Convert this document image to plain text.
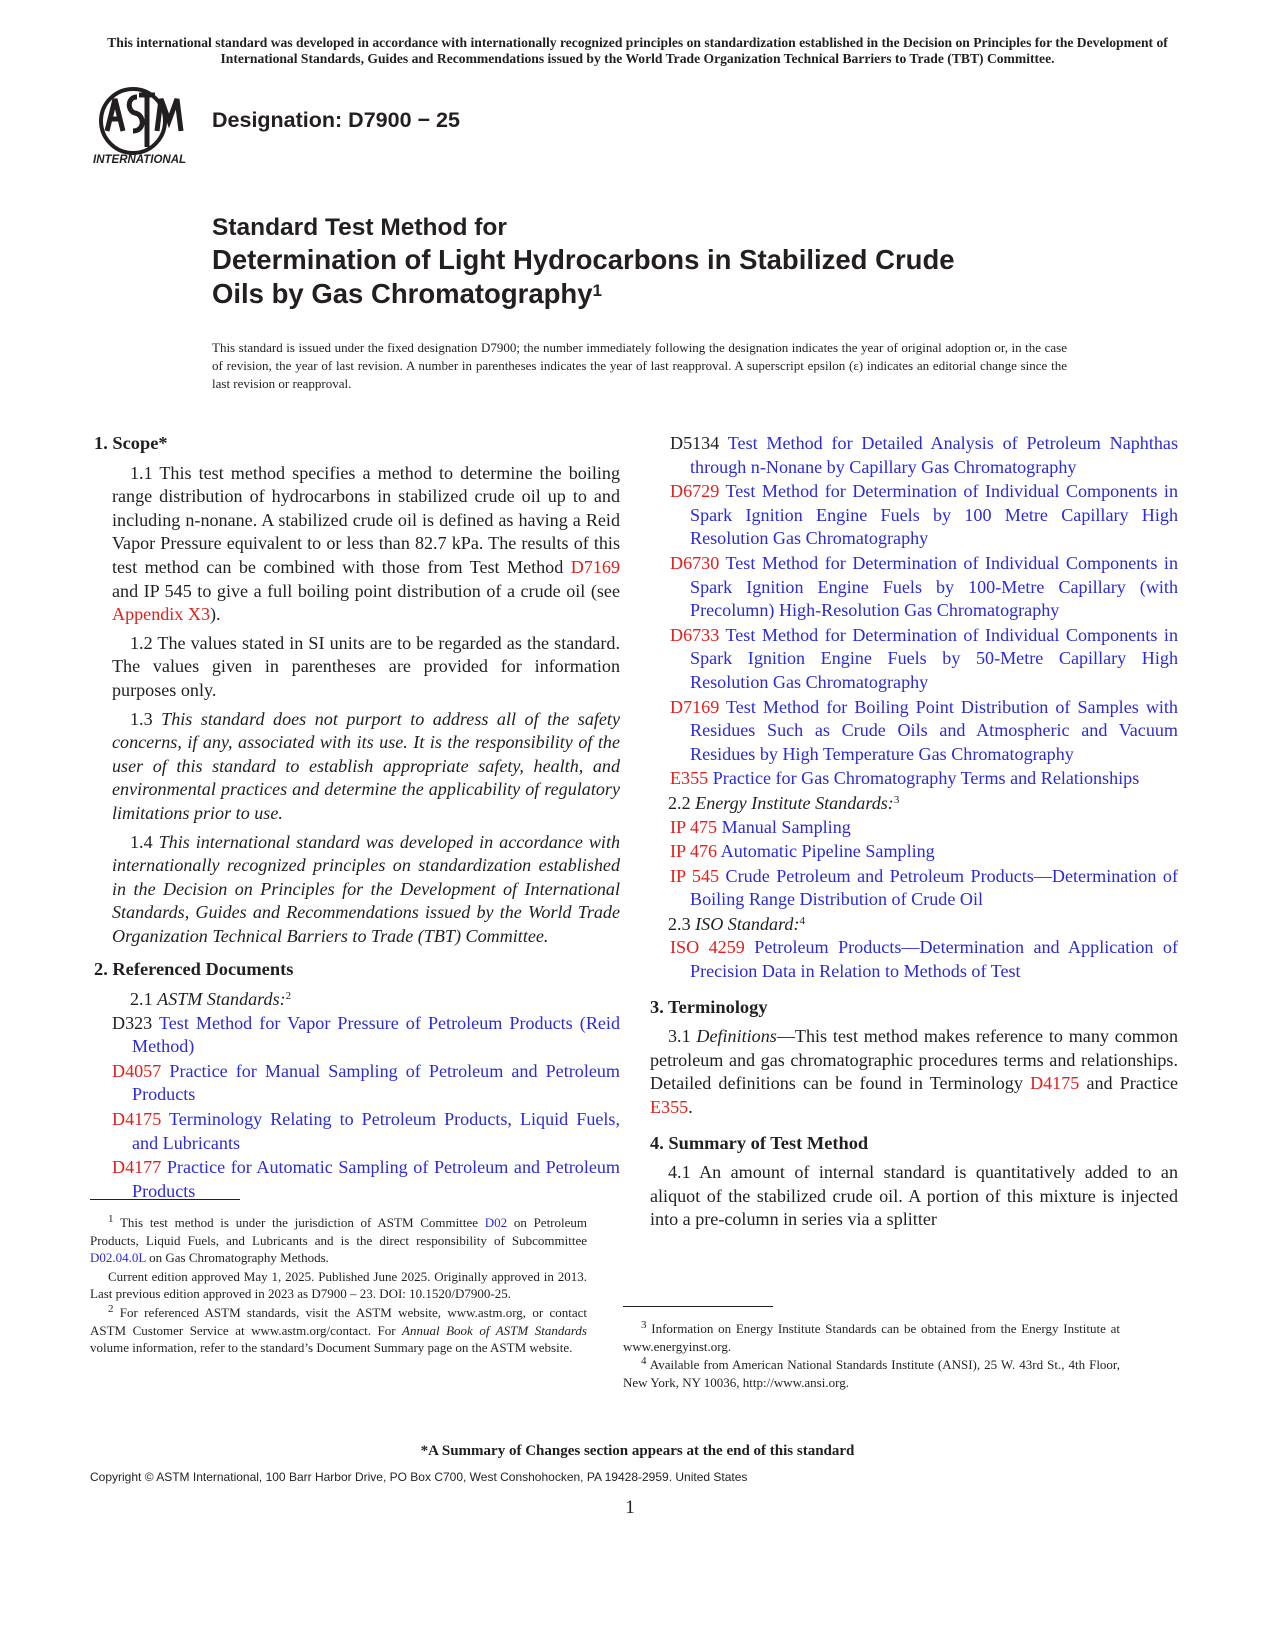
This international standard was developed in accordance with internationally recognized principles on standardization established in the Decision on Principles for the Development of International Standards, Guides and Recommendations issued by the World Trade Organization Technical Barriers to Trade (TBT) Committee.
INTERNATIONAL
Designation: D7900 − 25
Standard Test Method for
Determination of Light Hydrocarbons in Stabilized Crude
Oils by Gas Chromatography$^1$
This standard is issued under the fixed designation D7900; the number immediately following the designation indicates the year of original adoption or, in the case of revision, the year of last revision. A number in parentheses indicates the year of last reapproval. A superscript epsilon (ε) indicates an editorial change since the last revision or reapproval.
1. Scope*

1.1 This test method specifies a method to determine the boiling range distribution of hydrocarbons in stabilized crude oil up to and including n-nonane. A stabilized crude oil is defined as having a Reid Vapor Pressure equivalent to or less than 82.7 kPa. The results of this test method can be combined with those from Test Method D7169 and IP 545 to give a full boiling point distribution of a crude oil (see Appendix X3).

1.2 The values stated in SI units are to be regarded as the standard. The values given in parentheses are provided for information purposes only.

1.3 This standard does not purport to address all of the safety concerns, if any, associated with its use. It is the responsibility of the user of this standard to establish appropriate safety, health, and environmental practices and determine the applicability of regulatory limitations prior to use.

1.4 This international standard was developed in accordance with internationally recognized principles on standardization established in the Decision on Principles for the Development of International Standards, Guides and Recommendations issued by the World Trade Organization Technical Barriers to Trade (TBT) Committee.

2. Referenced Documents

2.1 ASTM Standards:$^2$

D323 Test Method for Vapor Pressure of Petroleum Products (Reid Method)

D4057 Practice for Manual Sampling of Petroleum and Petroleum Products

D4175 Terminology Relating to Petroleum Products, Liquid Fuels, and Lubricants

D4177 Practice for Automatic Sampling of Petroleum and Petroleum Products

$^1$ This test method is under the jurisdiction of ASTM Committee D02 on Petroleum Products, Liquid Fuels, and Lubricants and is the direct responsibility of Subcommittee D02.04.0L on Gas Chromatography Methods.

Current edition approved May 1, 2025. Published June 2025. Originally approved in 2013. Last previous edition approved in 2023 as D7900 – 23. DOI: 10.1520/D7900-25.

$^2$ For referenced ASTM standards, visit the ASTM website, www.astm.org, or contact ASTM Customer Service at www.astm.org/contact. For Annual Book of ASTM Standards volume information, refer to the standard’s Document Summary page on the ASTM website.

D5134 Test Method for Detailed Analysis of Petroleum Naphthas through n-Nonane by Capillary Gas Chromatography

D6729 Test Method for Determination of Individual Components in Spark Ignition Engine Fuels by 100 Metre Capillary High Resolution Gas Chromatography

D6730 Test Method for Determination of Individual Components in Spark Ignition Engine Fuels by 100-Metre Capillary (with Precolumn) High-Resolution Gas Chromatography

D6733 Test Method for Determination of Individual Components in Spark Ignition Engine Fuels by 50-Metre Capillary High Resolution Gas Chromatography

D7169 Test Method for Boiling Point Distribution of Samples with Residues Such as Crude Oils and Atmospheric and Vacuum Residues by High Temperature Gas Chromatography

E355 Practice for Gas Chromatography Terms and Relationships

2.2 Energy Institute Standards:$^3$

IP 475 Manual Sampling

IP 476 Automatic Pipeline Sampling

IP 545 Crude Petroleum and Petroleum Products—Determination of Boiling Range Distribution of Crude Oil

2.3 ISO Standard:$^4$

ISO 4259 Petroleum Products—Determination and Application of Precision Data in Relation to Methods of Test

3. Terminology

3.1 Definitions—This test method makes reference to many common petroleum and gas chromatographic procedures terms and relationships. Detailed definitions can be found in Terminology D4175 and Practice E355.

4. Summary of Test Method

4.1 An amount of internal standard is quantitatively added to an aliquot of the stabilized crude oil. A portion of this mixture is injected into a pre-column in series via a splitter

$^3$ Information on Energy Institute Standards can be obtained from the Energy Institute at www.energyinst.org.

$^4$ Available from American National Standards Institute (ANSI), 25 W. 43rd St., 4th Floor, New York, NY 10036, http://www.ansi.org.

*A Summary of Changes section appears at the end of this standard
Copyright © ASTM International, 100 Barr Harbor Drive, PO Box C700, West Conshohocken, PA 19428-2959. United States
1
